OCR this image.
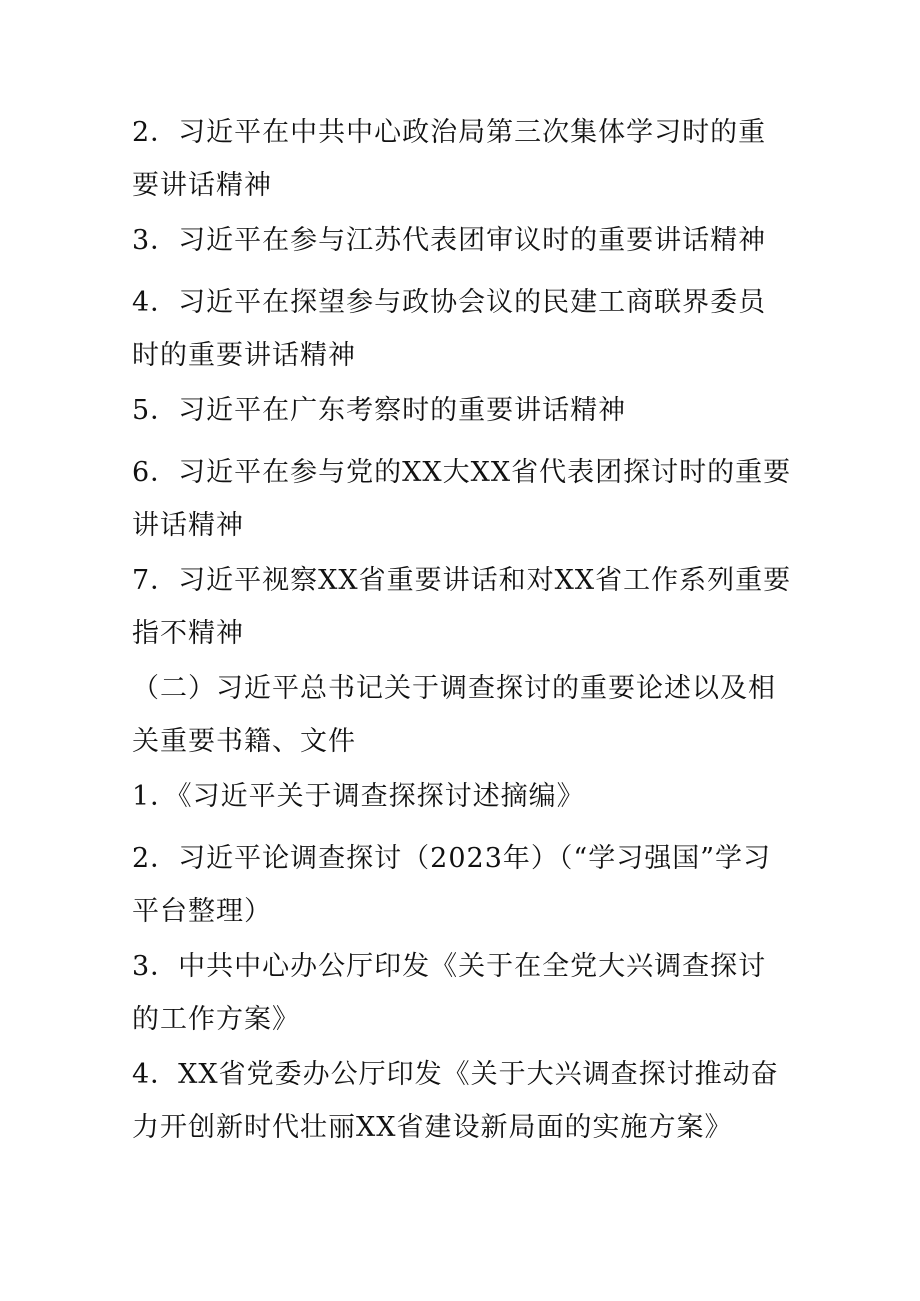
2．习近平在中共中心政治局第三次集体学习时的重要讲话精神

3．习近平在参与江苏代表团审议时的重要讲话精神

4．习近平在探望参与政协会议的民建工商联界委员时的重要讲话精神

5．习近平在广东考察时的重要讲话精神

6．习近平在参与党的XX大XX省代表团探讨时的重要讲话精神

7．习近平视察XX省重要讲话和对XX省工作系列重要指不精神

（二）习近平总书记关于调查探讨的重要论述以及相关重要书籍、文件

1．《习近平关于调查探探讨述摘编》

2．习近平论调查探讨（2023年）（“学习强国”学习平台整理）

3．中共中心办公厅印发《关于在全党大兴调查探讨的工作方案》

4．XX省党委办公厅印发《关于大兴调查探讨推动奋力开创新时代壮丽XX省建设新局面的实施方案》
